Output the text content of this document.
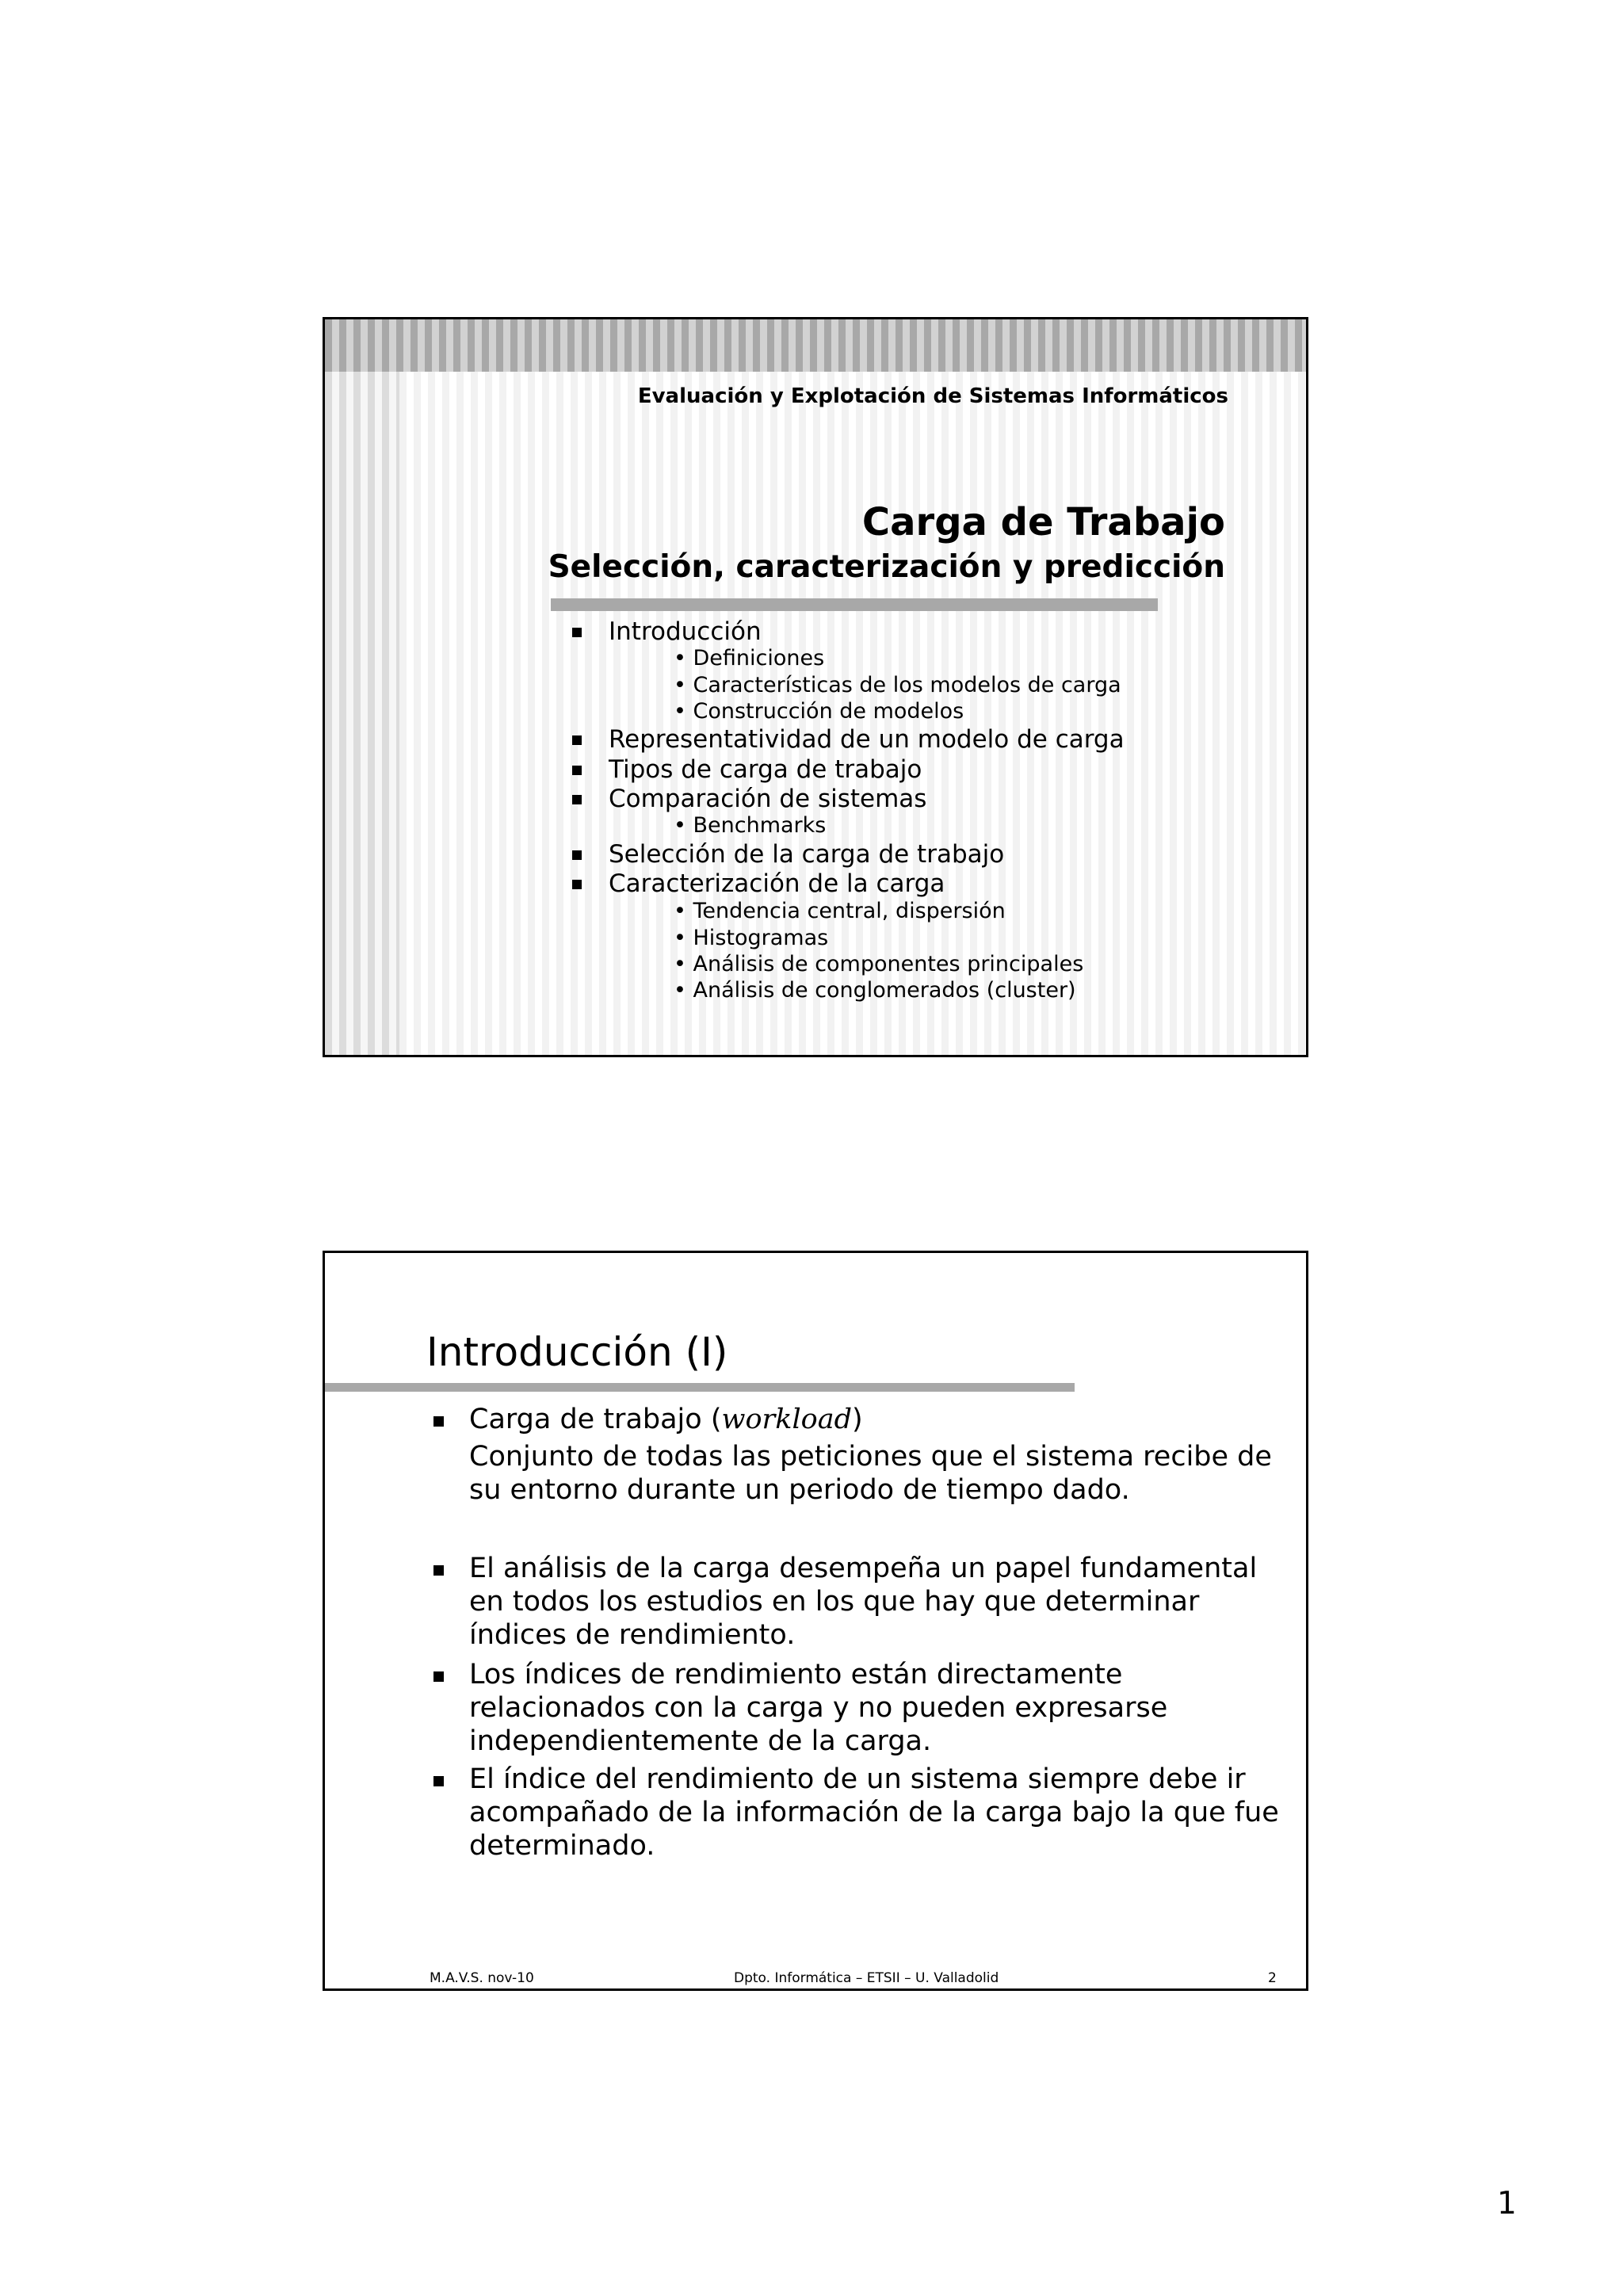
Evaluación y Explotación de Sistemas Informáticos
Carga de Trabajo
Selección, caracterización y predicción
Introducción
• Definiciones
• Características de los modelos de carga
• Construcción de modelos
Representatividad de un modelo de carga
Tipos de carga de trabajo
Comparación de sistemas
• Benchmarks
Selección de la carga de trabajo
Caracterización de la carga
• Tendencia central, dispersión
• Histogramas
• Análisis de componentes principales
• Análisis de conglomerados (cluster)
Introducción (I)
Carga de trabajo (workload)
Conjunto de todas las peticiones que el sistema recibe de
su entorno durante un periodo de tiempo dado.
El análisis de la carga desempeña un papel fundamental
en todos los estudios en los que hay que determinar
índices de rendimiento.
Los índices de rendimiento están directamente
relacionados con la carga y no pueden expresarse
independientemente de la carga.
El índice del rendimiento de un sistema siempre debe ir
acompañado de la información de la carga bajo la que fue
determinado.
M.A.V.S. nov-10	Dpto. Informática – ETSII – U. Valladolid	2
1
